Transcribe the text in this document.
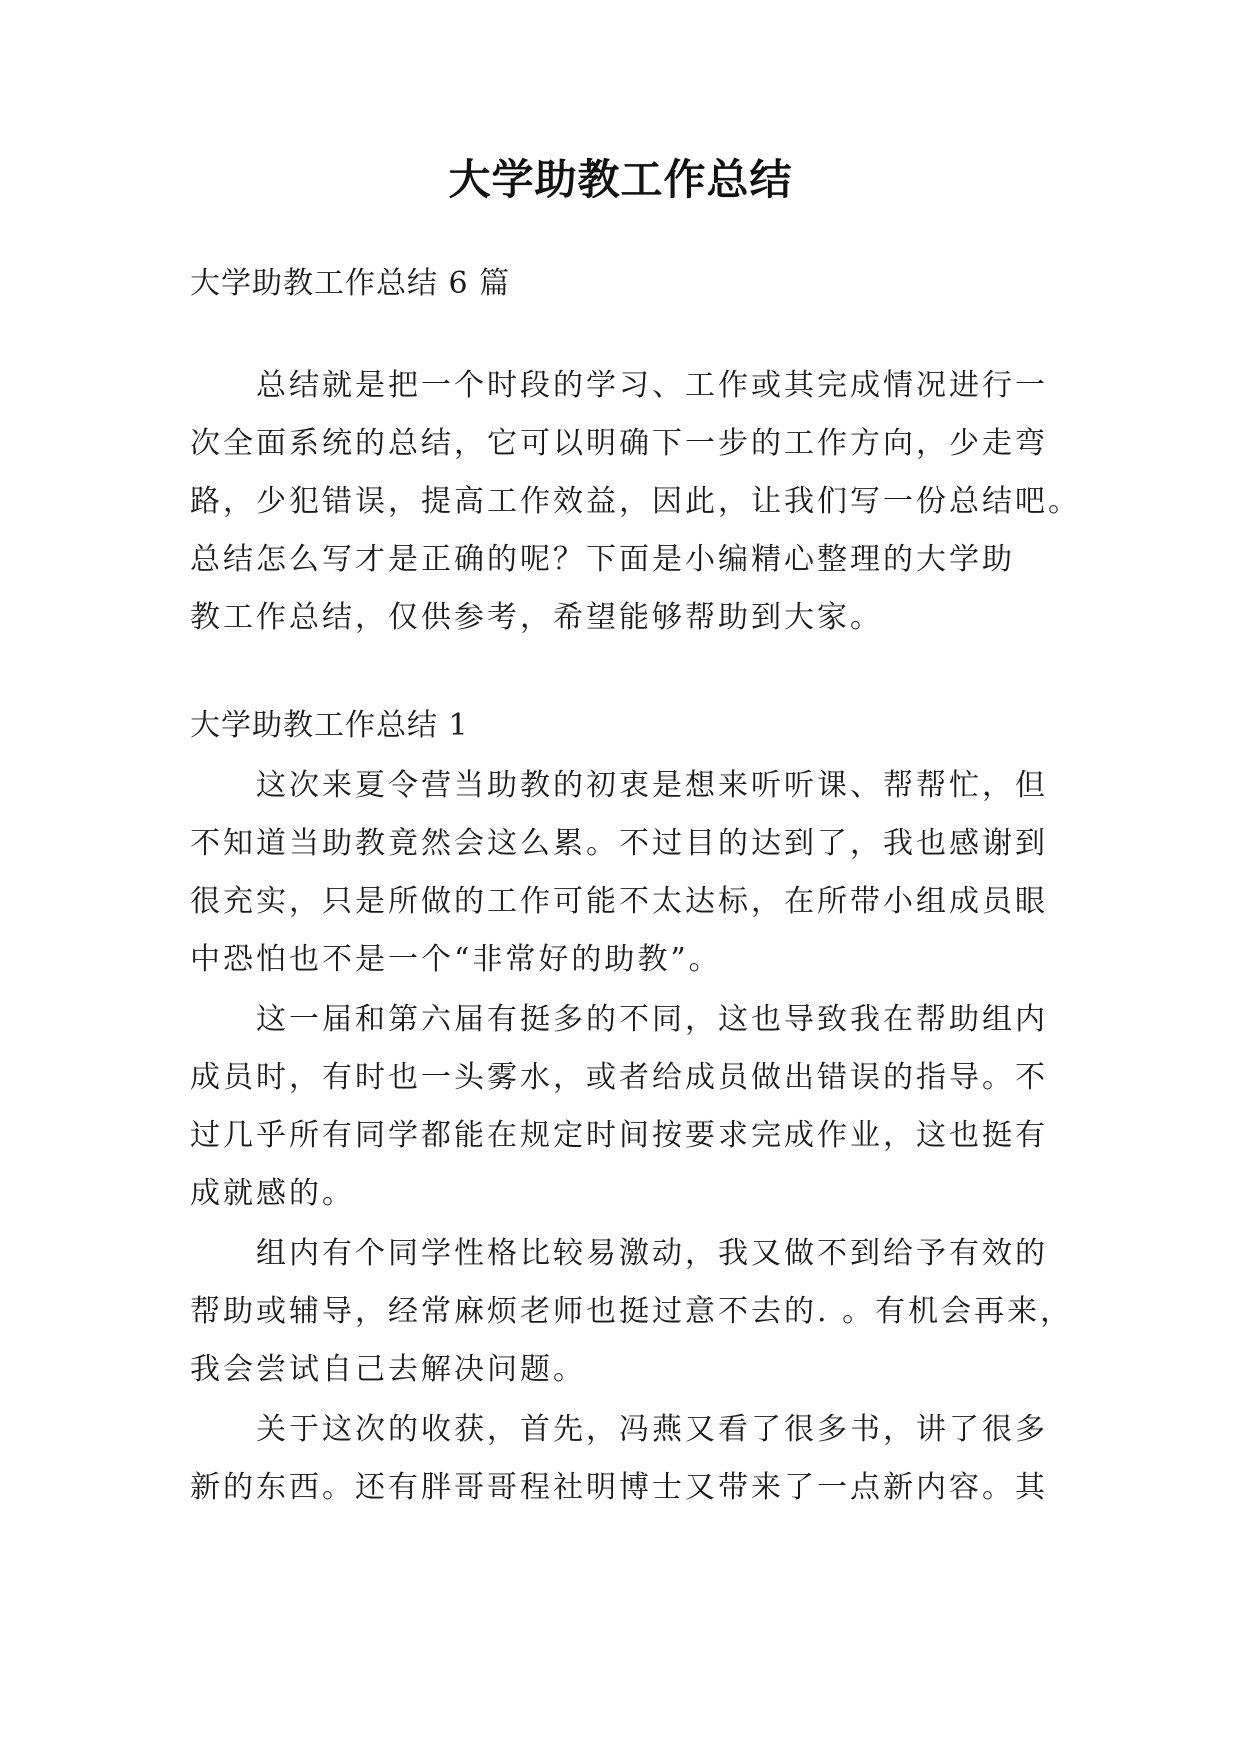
大学助教工作总结
大学助教工作总结 6 篇
总结就是把一个时段的学习、工作或其完成情况进行一
次全面系统的总结，它可以明确下一步的工作方向，少走弯
路，少犯错误，提高工作效益，因此，让我们写一份总结吧。
总结怎么写才是正确的呢？下面是小编精心整理的大学助
教工作总结，仅供参考，希望能够帮助到大家。
大学助教工作总结 1
这次来夏令营当助教的初衷是想来听听课、帮帮忙，但
不知道当助教竟然会这么累。不过目的达到了，我也感谢到
很充实，只是所做的工作可能不太达标，在所带小组成员眼
中恐怕也不是一个“非常好的助教”。
这一届和第六届有挺多的不同，这也导致我在帮助组内
成员时，有时也一头雾水，或者给成员做出错误的指导。不
过几乎所有同学都能在规定时间按要求完成作业，这也挺有
成就感的。
组内有个同学性格比较易激动，我又做不到给予有效的
帮助或辅导，经常麻烦老师也挺过意不去的. 。有机会再来，
我会尝试自己去解决问题。
关于这次的收获，首先，冯燕又看了很多书，讲了很多
新的东西。还有胖哥哥程社明博士又带来了一点新内容。其
